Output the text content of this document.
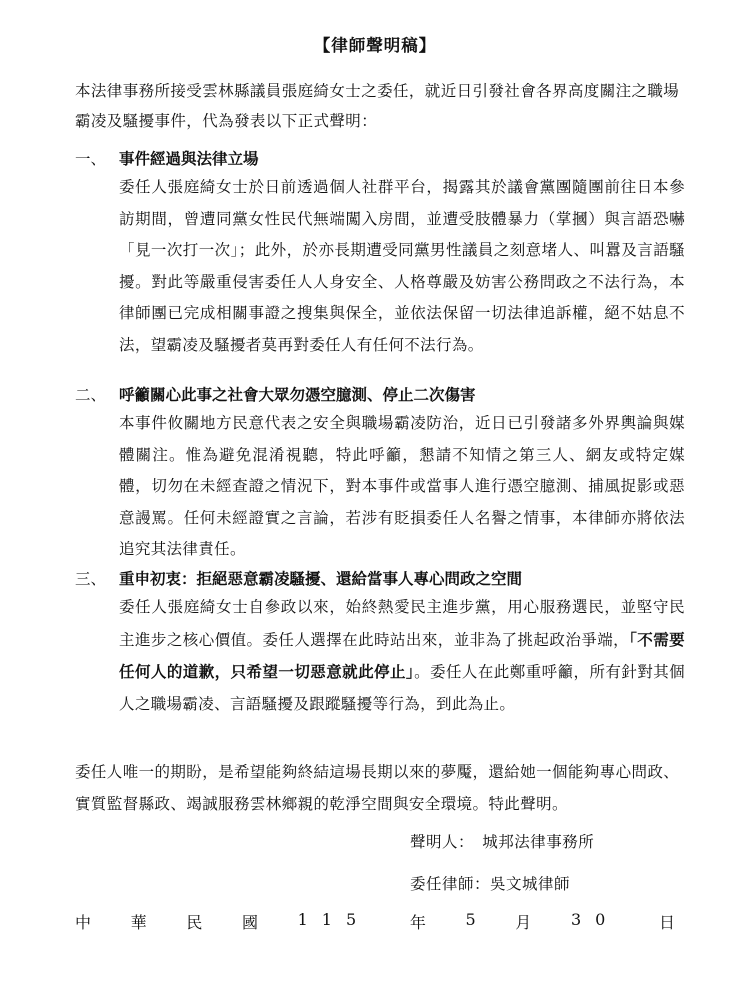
【律師聲明稿】

本法律事務所接受雲林縣議員張庭綺女士之委任，就近日引發社會各界高度關注之職場霸凌及騷擾事件，代為發表以下正式聲明：

一、 事件經過與法律立場

委任人張庭綺女士於日前透過個人社群平台，揭露其於議會黨團隨團前往日本參訪期間，曾遭同黨女性民代無端闖入房間，並遭受肢體暴力（掌摑）與言語恐嚇「見一次打一次」；此外，於亦長期遭受同黨男性議員之刻意堵人、叫囂及言語騷擾。對此等嚴重侵害委任人人身安全、人格尊嚴及妨害公務問政之不法行為，本律師團已完成相關事證之搜集與保全，並依法保留一切法律追訴權，絕不姑息不法，望霸凌及騷擾者莫再對委任人有任何不法行為。

二、 呼籲關心此事之社會大眾勿憑空臆測、停止二次傷害

本事件攸關地方民意代表之安全與職場霸凌防治，近日已引發諸多外界輿論與媒體關注。惟為避免混淆視聽，特此呼籲，懇請不知情之第三人、網友或特定媒體，切勿在未經查證之情況下，對本事件或當事人進行憑空臆測、捕風捉影或惡意謾罵。任何未經證實之言論，若涉有貶損委任人名譽之情事，本律師亦將依法追究其法律責任。

三、 重申初衷：拒絕惡意霸凌騷擾、還給當事人專心問政之空間

委任人張庭綺女士自參政以來，始終熱愛民主進步黨，用心服務選民，並堅守民主進步之核心價值。委任人選擇在此時站出來，並非為了挑起政治爭端，「不需要任何人的道歉，只希望一切惡意就此停止」。委任人在此鄭重呼籲，所有針對其個人之職場霸凌、言語騷擾及跟蹤騷擾等行為，到此為止。

委任人唯一的期盼，是希望能夠終結這場長期以來的夢魘，還給她一個能夠專心問政、實質監督縣政、竭誠服務雲林鄉親的乾淨空間與安全環境。特此聲明。

聲明人：　城邦法律事務所
委任律師：吳文城律師
中 華 民 國 115 年 5 月 30 日
